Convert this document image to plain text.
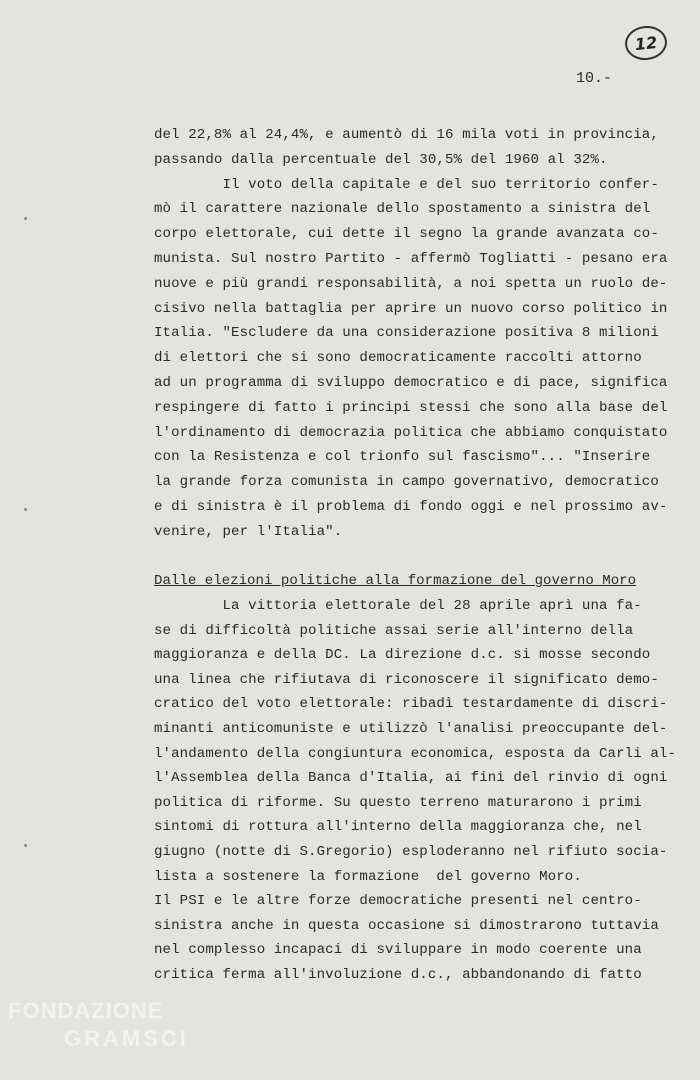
12
10.-
del 22,8% al 24,4%, e aumentò di 16 mila voti in provincia,
passando dalla percentuale del 30,5% del 1960 al 32%.
Il voto della capitale e del suo territorio confer-
mò il carattere nazionale dello spostamento a sinistra del
corpo elettorale, cui dette il segno la grande avanzata co-
munista. Sul nostro Partito - affermò Togliatti - pesano era
nuove e più grandi responsabilità, a noi spetta un ruolo de-
cisivo nella battaglia per aprire un nuovo corso politico in
Italia. "Escludere da una considerazione positiva 8 milioni
di elettori che si sono democraticamente raccolti attorno
ad un programma di sviluppo democratico e di pace, significa
respingere di fatto i principi stessi che sono alla base del
l'ordinamento di democrazia politica che abbiamo conquistato
con la Resistenza e col trionfo sul fascismo"... "Inserire
la grande forza comunista in campo governativo, democratico
e di sinistra è il problema di fondo oggi e nel prossimo av-
venire, per l'Italia".
Dalle elezioni politiche alla formazione del governo Moro
La vittoria elettorale del 28 aprile aprì una fa-
se di difficoltà politiche assai serie all'interno della
maggioranza e della DC. La direzione d.c. si mosse secondo
una linea che rifiutava di riconoscere il significato demo-
cratico del voto elettorale: ribadì testardamente di discri-
minanti anticomuniste e utilizzò l'analisi preoccupante del-
l'andamento della congiuntura economica, esposta da Carli al-
l'Assemblea della Banca d'Italia, ai fini del rinvio di ogni
politica di riforme. Su questo terreno maturarono i primi
sintomi di rottura all'interno della maggioranza che, nel
giugno (notte di S.Gregorio) esploderanno nel rifiuto socia-
lista a sostenere la formazione  del governo Moro.
Il PSI e le altre forze democratiche presenti nel centro-
sinistra anche in questa occasione si dimostrarono tuttavia
nel complesso incapaci di sviluppare in modo coerente una
critica ferma all'involuzione d.c., abbandonando di fatto
FONDAZIONE
GRAMSCI
